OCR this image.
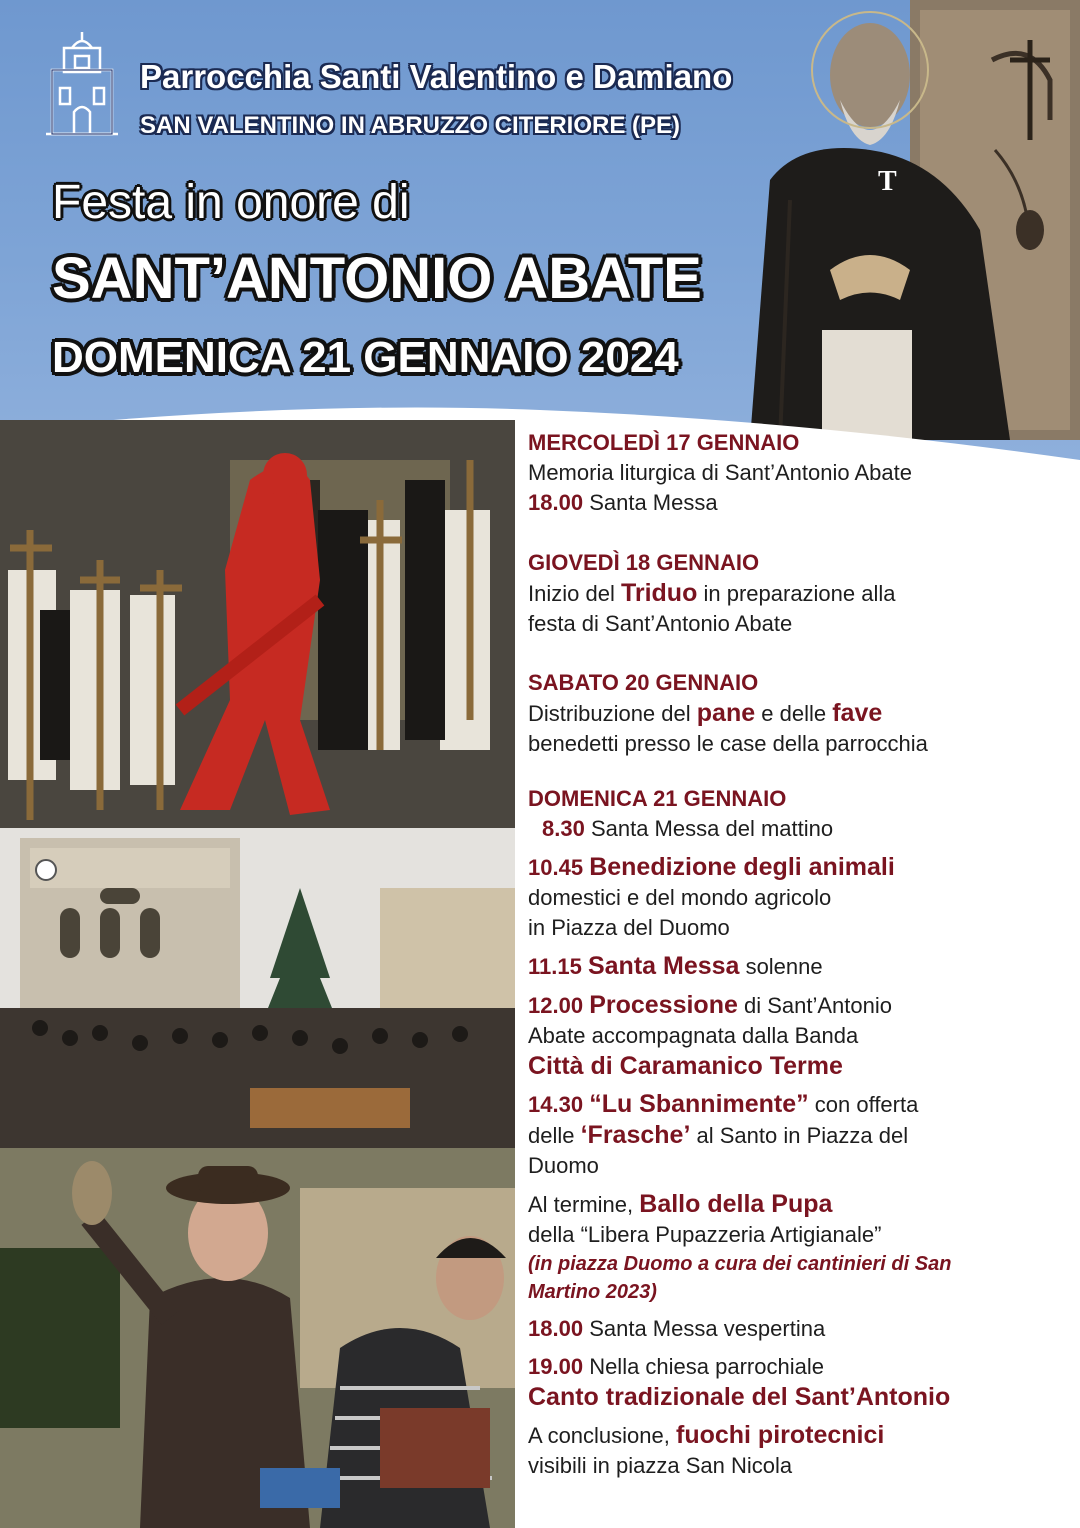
Parrocchia Santi Valentino e Damiano
SAN VALENTINO IN ABRUZZO CITERIORE (PE)
Festa in onore di
SANT’ANTONIO ABATE
DOMENICA 21 GENNAIO 2024
T
MERCOLEDÌ 17 GENNAIO
Memoria liturgica di Sant’Antonio Abate
18.00 Santa Messa
GIOVEDÌ 18 GENNAIO
Inizio del Triduo in preparazione alla
festa di Sant’Antonio Abate
SABATO 20 GENNAIO
Distribuzione del pane e delle fave
benedetti presso le case della parrocchia
DOMENICA 21 GENNAIO
8.30 Santa Messa del mattino
10.45 Benedizione degli animali
domestici e del mondo agricolo
in Piazza del Duomo
11.15 Santa Messa solenne
12.00 Processione di Sant’Antonio
Abate accompagnata dalla Banda
Città di Caramanico Terme
14.30 “Lu Sbannimente” con offerta
delle ‘Frasche’ al Santo in Piazza del
Duomo
Al termine, Ballo della Pupa
della “Libera Pupazzeria Artigianale”
(in piazza Duomo a cura dei cantinieri di San
Martino 2023)
18.00 Santa Messa vespertina
19.00 Nella chiesa parrochiale
Canto tradizionale del Sant’Antonio
A conclusione, fuochi pirotecnici
visibili in piazza San Nicola
